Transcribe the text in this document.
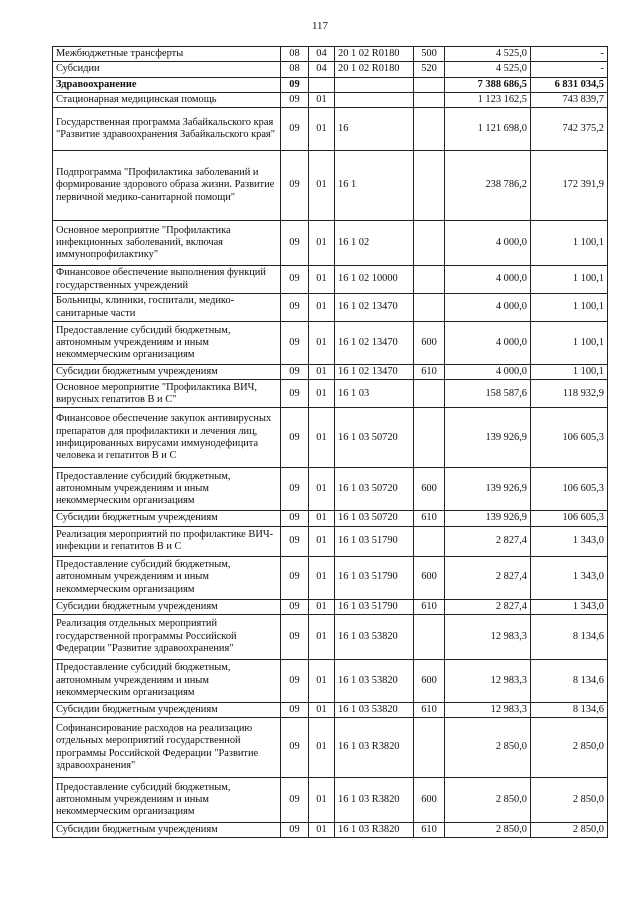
117
Межбюджетные трансферты	08	04	20 1 02 R0180	500	4 525,0	-
Субсидии	08	04	20 1 02 R0180	520	4 525,0	-
Здравоохранение	09				7 388 686,5	6 831 034,5
Стационарная медицинская помощь	09	01			1 123 162,5	743 839,7
Государственная программа Забайкальского края "Развитие здравоохранения Забайкальского края"	09	01	16		1 121 698,0	742 375,2
Подпрограмма "Профилактика заболеваний и формирование здорового образа жизни. Развитие первичной медико-санитарной помощи"	09	01	16 1		238 786,2	172 391,9
Основное мероприятие "Профилактика инфекционных заболеваний, включая иммунопрофилактику"	09	01	16 1 02		4 000,0	1 100,1
Финансовое обеспечение выполнения функций государственных учреждений	09	01	16 1 02 10000		4 000,0	1 100,1
Больницы, клиники, госпитали, медико-санитарные части	09	01	16 1 02 13470		4 000,0	1 100,1
Предоставление субсидий бюджетным, автономным учреждениям и иным некоммерческим организациям	09	01	16 1 02 13470	600	4 000,0	1 100,1
Субсидии бюджетным учреждениям	09	01	16 1 02 13470	610	4 000,0	1 100,1
Основное мероприятие "Профилактика ВИЧ, вирусных гепатитов В и С"	09	01	16 1 03		158 587,6	118 932,9
Финансовое обеспечение закупок антивирусных препаратов для профилактики и лечения лиц, инфицированных вирусами иммунодефицита человека и гепатитов В и С	09	01	16 1 03 50720		139 926,9	106 605,3
Предоставление субсидий бюджетным, автономным учреждениям и иным некоммерческим организациям	09	01	16 1 03 50720	600	139 926,9	106 605,3
Субсидии бюджетным учреждениям	09	01	16 1 03 50720	610	139 926,9	106 605,3
Реализация мероприятий по профилактике ВИЧ-инфекции и гепатитов В и С	09	01	16 1 03 51790		2 827,4	1 343,0
Предоставление субсидий бюджетным, автономным учреждениям и иным некоммерческим организациям	09	01	16 1 03 51790	600	2 827,4	1 343,0
Субсидии бюджетным учреждениям	09	01	16 1 03 51790	610	2 827,4	1 343,0
Реализация отдельных мероприятий государственной программы Российской Федерации "Развитие здравоохранения"	09	01	16 1 03 53820		12 983,3	8 134,6
Предоставление субсидий бюджетным, автономным учреждениям и иным некоммерческим организациям	09	01	16 1 03 53820	600	12 983,3	8 134,6
Субсидии бюджетным учреждениям	09	01	16 1 03 53820	610	12 983,3	8 134,6
Софинансирование расходов на реализацию отдельных мероприятий государственной программы Российской Федерации "Развитие здравоохранения"	09	01	16 1 03 R3820		2 850,0	2 850,0
Предоставление субсидий бюджетным, автономным учреждениям и иным некоммерческим организациям	09	01	16 1 03 R3820	600	2 850,0	2 850,0
Субсидии бюджетным учреждениям	09	01	16 1 03 R3820	610	2 850,0	2 850,0
